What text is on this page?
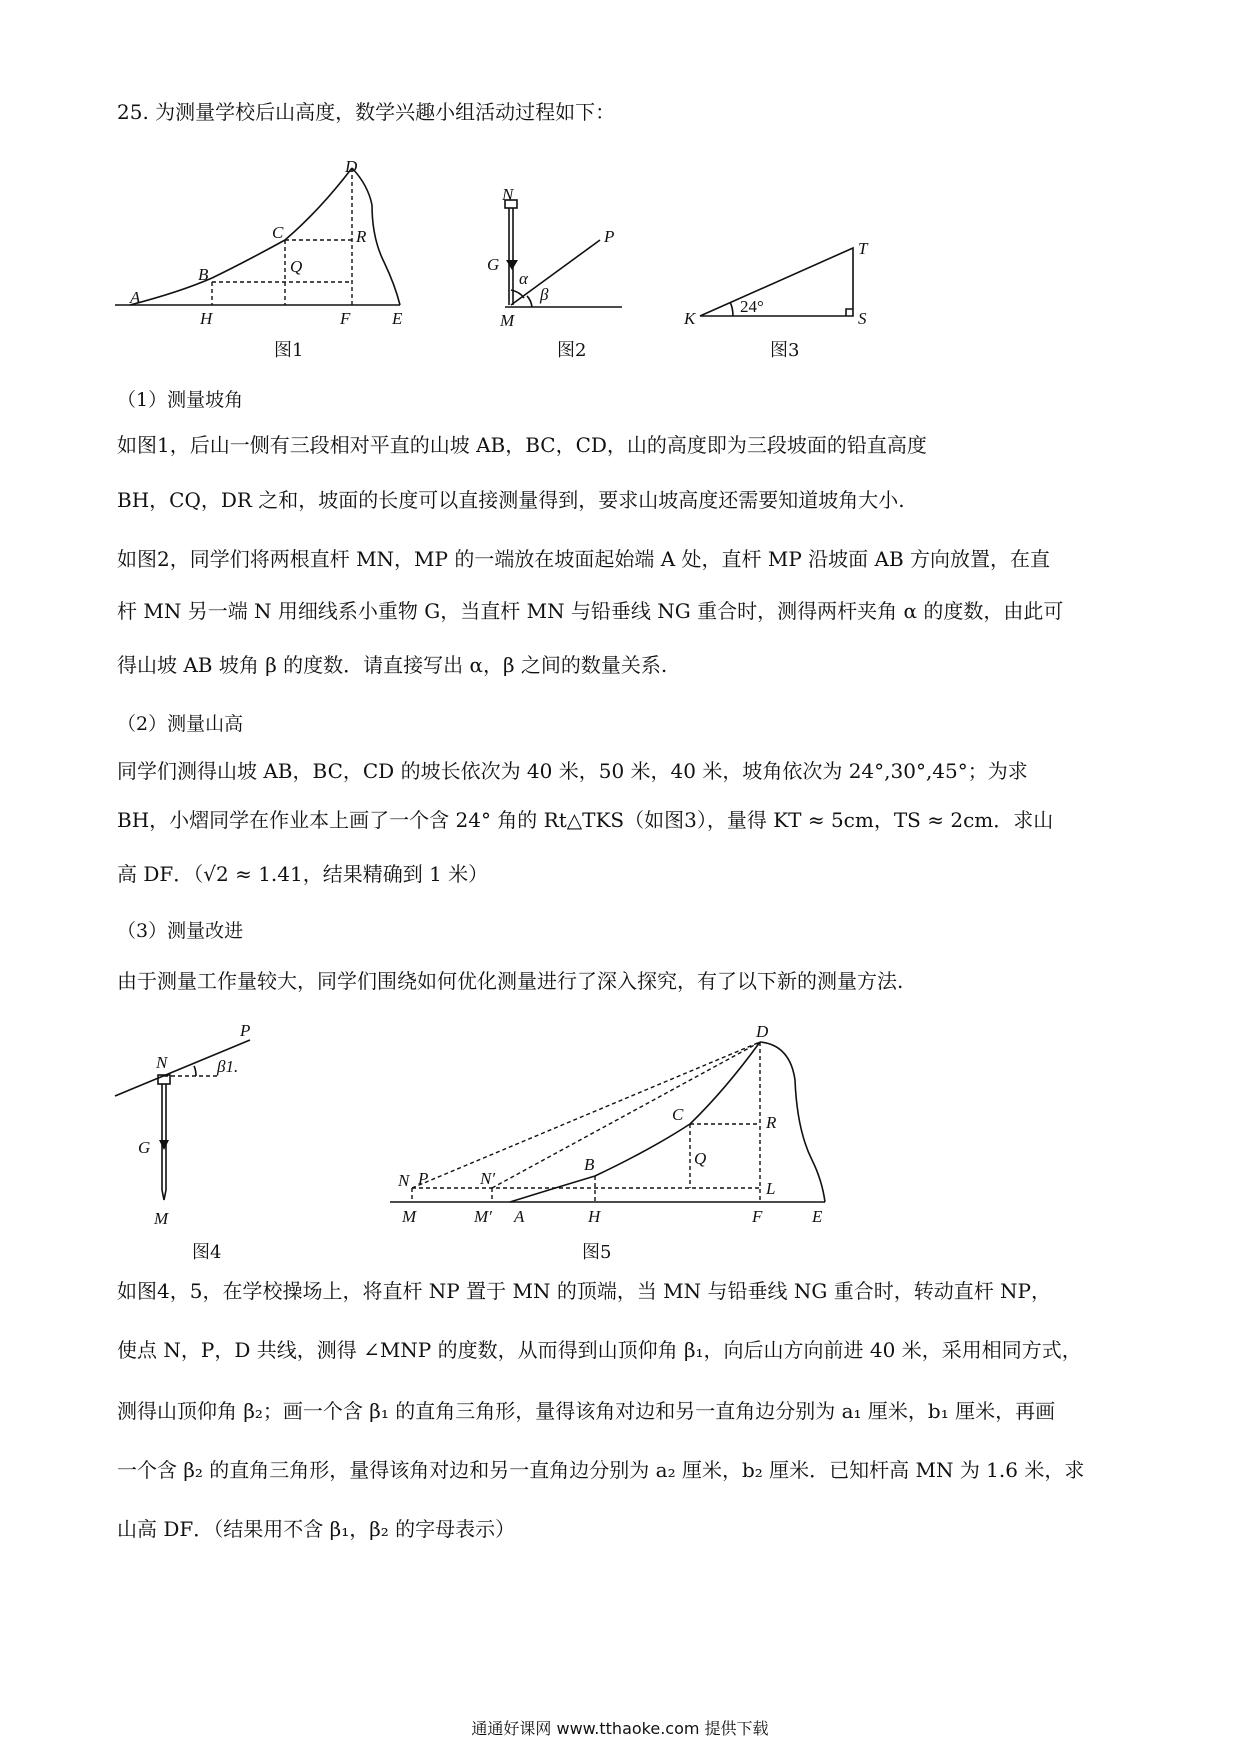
25. 为测量学校后山高度，数学兴趣小组活动过程如下：
A
B
C
D
R
Q
H	F E
N
G
M
P
α
β
K
T
S
24°
N
P
G
M
β1.
N P	N′
M	M′ A
B
H
C
Q
R
L
D
F	E
图1	图2	图3
（1）测量坡角
如图1，后山一侧有三段相对平直的山坡 AB，BC，CD，山的高度即为三段坡面的铅直高度
BH，CQ，DR 之和，坡面的长度可以直接测量得到，要求山坡高度还需要知道坡角大小.
如图2，同学们将两根直杆 MN，MP 的一端放在坡面起始端 A 处，直杆 MP 沿坡面 AB 方向放置，在直
杆 MN 另一端 N 用细线系小重物 G，当直杆 MN 与铅垂线 NG 重合时，测得两杆夹角 α 的度数，由此可
得山坡 AB 坡角 β 的度数．请直接写出 α，β 之间的数量关系.
（2）测量山高
同学们测得山坡 AB，BC，CD 的坡长依次为 40 米，50 米，40 米，坡角依次为 24°,30°,45°；为求
BH，小熠同学在作业本上画了一个含 24° 角的 Rt△TKS（如图3），量得 KT ≈ 5cm，TS ≈ 2cm．求山
高 DF．（√2 ≈ 1.41，结果精确到 1 米）
（3）测量改进
由于测量工作量较大，同学们围绕如何优化测量进行了深入探究，有了以下新的测量方法.
图4	图5
如图4，5，在学校操场上，将直杆 NP 置于 MN 的顶端，当 MN 与铅垂线 NG 重合时，转动直杆 NP，
使点 N，P，D 共线，测得 ∠MNP 的度数，从而得到山顶仰角 β₁，向后山方向前进 40 米，采用相同方式，
测得山顶仰角 β₂；画一个含 β₁ 的直角三角形，量得该角对边和另一直角边分别为 a₁ 厘米，b₁ 厘米，再画
一个含 β₂ 的直角三角形，量得该角对边和另一直角边分别为 a₂ 厘米，b₂ 厘米．已知杆高 MN 为 1.6 米，求
山高 DF．（结果用不含 β₁，β₂ 的字母表示）
通通好课网 www.tthaoke.com 提供下载
